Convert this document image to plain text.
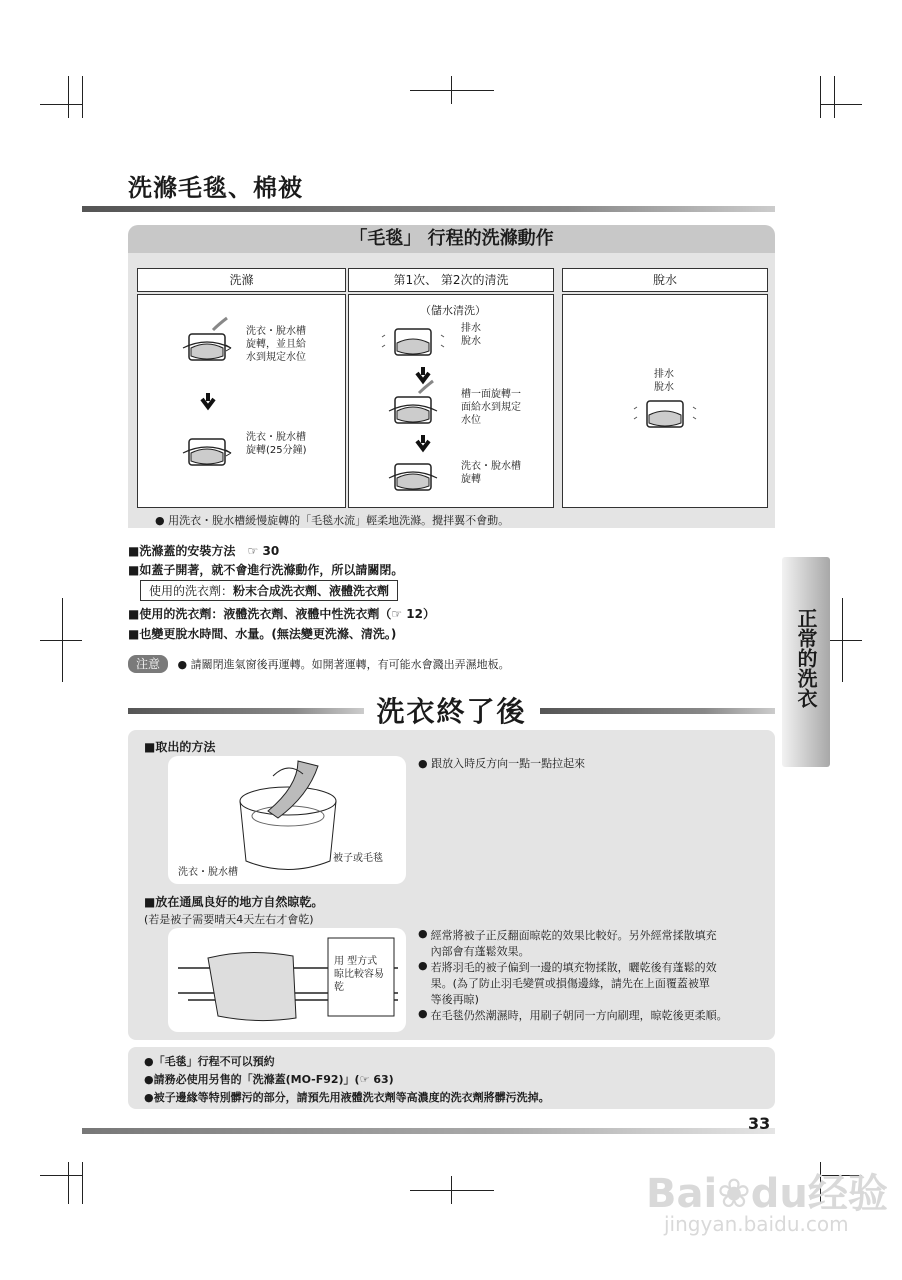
洗滌毛毯、棉被
「毛毯」 行程的洗滌動作
洗滌	第1次、 第2次的清洗	脫水
洗衣・脫水槽
旋轉，並且給
水到規定水位
洗衣・脫水槽
旋轉(25分鐘)
（儲水清洗）
排水
脫水
槽一面旋轉一
面給水到規定
水位
洗衣・脫水槽
旋轉
排水
脫水
● 用洗衣・脫水槽緩慢旋轉的「毛毯水流」輕柔地洗滌。攪拌翼不會動。
■洗滌蓋的安裝方法 ☞ 30
■如蓋子開著，就不會進行洗滌動作，所以請關閉。
使用的洗衣劑：粉末合成洗衣劑、液體洗衣劑
■使用的洗衣劑：液體洗衣劑、液體中性洗衣劑（☞ 12）
■也變更脫水時間、水量。(無法變更洗滌、清洗。)
注意 ● 請關閉進氣窗後再運轉。如開著運轉，有可能水會濺出弄濕地板。
洗衣終了後
正常的洗衣
■取出的方法
洗衣・脫水槽
被子或毛毯
● 跟放入時反方向一點一點拉起來
■放在通風良好的地方自然晾乾。
(若是被子需要晴天4天左右才會乾)
用 型方式
晾比較容易
乾
● 經常將被子正反翻面晾乾的效果比較好。另外經常揉散填充
內部會有蓬鬆效果。
● 若將羽毛的被子偏到一邊的填充物揉散，曬乾後有蓬鬆的效
果。(為了防止羽毛變質或損傷邊緣，請先在上面覆蓋被單
等後再晾)
● 在毛毯仍然潮濕時，用刷子朝同一方向刷理，晾乾後更柔順。
●「毛毯」行程不可以預約
●請務必使用另售的「洗滌蓋(MO-F92)」(☞ 63)
●被子邊緣等特別髒污的部分，請預先用液體洗衣劑等高濃度的洗衣劑將髒污洗掉。
33
Bai❀du经验
jingyan.baidu.com
